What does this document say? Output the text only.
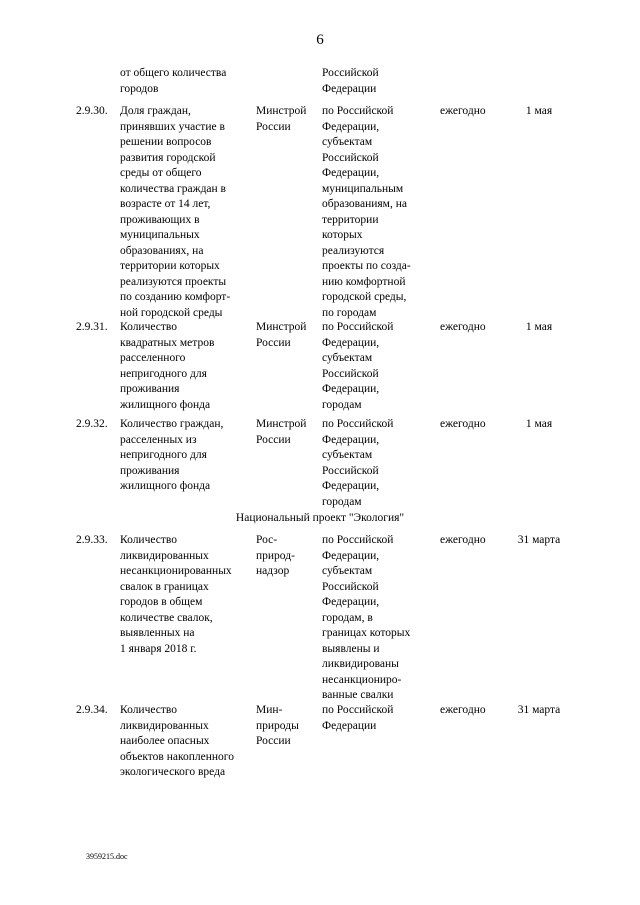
6

от общего количества
городов

Российской
Федерации

2.9.30.	Доля граждан,
принявших участие в
решении вопросов
развития городской
среды от общего
количества граждан в
возрасте от 14 лет,
проживающих в
муниципальных
образованиях, на
территории которых
реализуются проекты
по созданию комфорт-
ной городской среды

Минстрой
России

по Российской
Федерации,
субъектам
Российской
Федерации,
муниципальным
образованиям, на
территории
которых
реализуются
проекты по созда-
нию комфортной
городской среды,
по городам

ежегодно	1 мая

2.9.31.	Количество
квадратных метров
расселенного
непригодного для
проживания
жилищного фонда

Минстрой
России

по Российской
Федерации,
субъектам
Российской
Федерации,
городам

ежегодно	1 мая

2.9.32.	Количество граждан,
расселенных из
непригодного для
проживания
жилищного фонда

Минстрой
России

по Российской
Федерации,
субъектам
Российской
Федерации,
городам

ежегодно	1 мая

Национальный проект "Экология"

2.9.33.	Количество
ликвидированных
несанкционированных
свалок в границах
городов в общем
количестве свалок,
выявленных на
1 января 2018 г.

Рос-
природ-
надзор

по Российской
Федерации,
субъектам
Российской
Федерации,
городам, в
границах которых
выявлены и
ликвидированы
несанкциониро-
ванные свалки

ежегодно	31 марта

2.9.34.	Количество
ликвидированных
наиболее опасных
объектов накопленного
экологического вреда

Мин-
природы
России

по Российской
Федерации

ежегодно	31 марта

3959215.doc
